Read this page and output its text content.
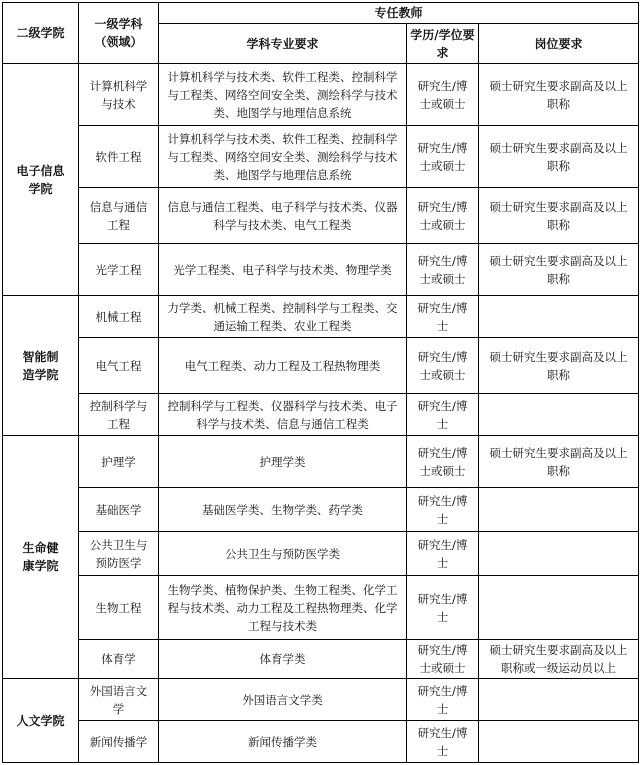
二级学院	一级学科（领域）	专任教师		
		学科专业要求	学历/学位要求	岗位要求
电子信息学院	计算机科学与技术	计算机科学与技术类、软件工程类、控制科学与工程类、网络空间安全类、测绘科学与技术类、地图学与地理信息系统	研究生/博士或硕士	硕士研究生要求副高及以上职称
	软件工程	计算机科学与技术类、软件工程类、控制科学与工程类、网络空间安全类、测绘科学与技术类、地图学与地理信息系统	研究生/博士或硕士	硕士研究生要求副高及以上职称
	信息与通信工程	信息与通信工程类、电子科学与技术类、仪器科学与技术类、电气工程类	研究生/博士或硕士	硕士研究生要求副高及以上职称
	光学工程	光学工程类、电子科学与技术类、物理学类	研究生/博士或硕士	硕士研究生要求副高及以上职称
智能制造学院	机械工程	力学类、机械工程类、控制科学与工程类、交通运输工程类、农业工程类	研究生/博士	
	电气工程	电气工程类、动力工程及工程热物理类	研究生/博士或硕士	硕士研究生要求副高及以上职称
	控制科学与工程	控制科学与工程类、仪器科学与技术类、电子科学与技术类、信息与通信工程类	研究生/博士	
生命健康学院	护理学	护理学类	研究生/博士或硕士	硕士研究生要求副高及以上职称
	基础医学	基础医学类、生物学类、药学类	研究生/博士	
	公共卫生与预防医学	公共卫生与预防医学类	研究生/博士	
	生物工程	生物学类、植物保护类、生物工程类、化学工程与技术类、动力工程及工程热物理类、化学工程与技术类	研究生/博士	
	体育学	体育学类	研究生/博士或硕士	硕士研究生要求副高及以上职称或一级运动员以上
人文学院	外国语言文学	外国语言文学类	研究生/博士	
	新闻传播学	新闻传播学类	研究生/博士	
